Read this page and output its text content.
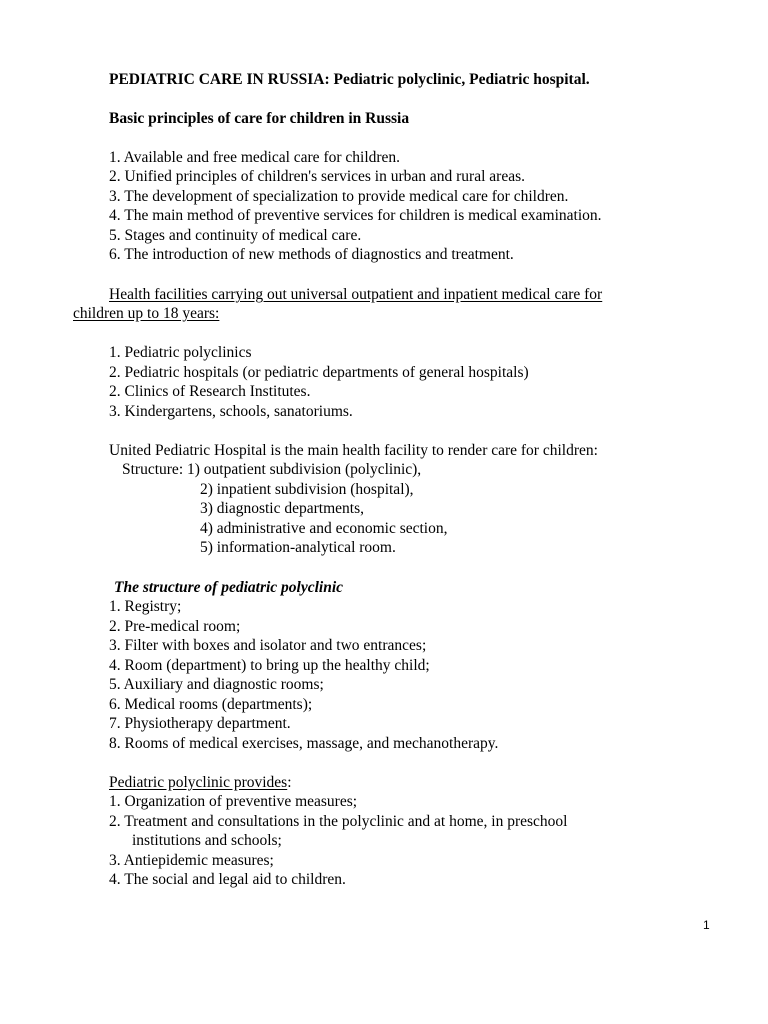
PEDIATRIC CARE IN RUSSIA: Pediatric polyclinic, Pediatric hospital.
Basic principles of care for children in Russia
1. Available and free medical care for children.
2. Unified principles of children's services in urban and rural areas.
3. The development of specialization to provide medical care for children.
4. The main method of preventive services for children is medical examination.
5. Stages and continuity of medical care.
6. The introduction of new methods of diagnostics and treatment.
Health facilities carrying out universal outpatient and inpatient medical care for
children up to 18 years:
1. Pediatric polyclinics
2. Pediatric hospitals (or pediatric departments of general hospitals)
2. Clinics of Research Institutes.
3. Kindergartens, schools, sanatoriums.
United Pediatric Hospital is the main health facility to render care for children:
Structure: 1) outpatient subdivision (polyclinic),
2) inpatient subdivision (hospital),
3) diagnostic departments,
4) administrative and economic section,
5) information-analytical room.
The structure of pediatric polyclinic
1. Registry;
2. Pre-medical room;
3. Filter with boxes and isolator and two entrances;
4. Room (department) to bring up the healthy child;
5. Auxiliary and diagnostic rooms;
6. Medical rooms (departments);
7. Physiotherapy department.
8. Rooms of medical exercises, massage, and mechanotherapy.
Pediatric polyclinic provides:
1. Organization of preventive measures;
2. Treatment and consultations in the polyclinic and at home, in preschool
institutions and schools;
3. Antiepidemic measures;
4. The social and legal aid to children.
1
